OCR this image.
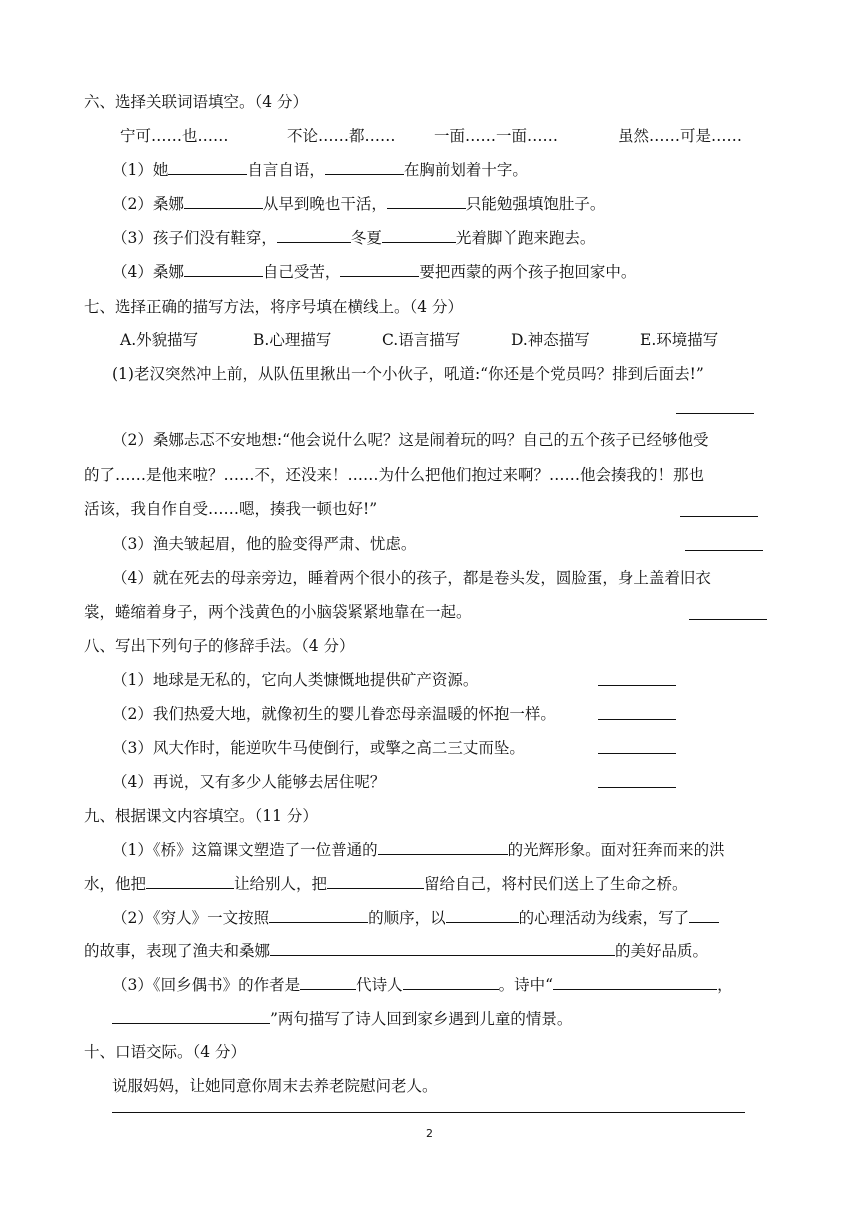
六、选择关联词语填空。（4 分）
宁可……也……	不论……都…… 一面……一面……	虽然……可是……
（1）她	自言自语，	在胸前划着十字。
（2）桑娜	从早到晚也干活，	只能勉强填饱肚子。
（3）孩子们没有鞋穿，	冬夏	光着脚丫跑来跑去。
（4）桑娜	自己受苦，	要把西蒙的两个孩子抱回家中。
七、选择正确的描写方法，将序号填在横线上。（4 分）
A.外貌描写	B.心理描写	C.语言描写	D.神态描写	E.环境描写
(1)老汉突然冲上前，从队伍里揪出一个小伙子，吼道:“你还是个党员吗？排到后面去!”
（2）桑娜忐忑不安地想:“他会说什么呢？这是闹着玩的吗？自己的五个孩子已经够他受
的了……是他来啦？……不，还没来！……为什么把他们抱过来啊？……他会揍我的！那也
活该，我自作自受……嗯，揍我一顿也好!”
（3）渔夫皱起眉，他的脸变得严肃、忧虑。
（4）就在死去的母亲旁边，睡着两个很小的孩子，都是卷头发，圆脸蛋，身上盖着旧衣
裳，蜷缩着身子，两个浅黄色的小脑袋紧紧地靠在一起。
八、写出下列句子的修辞手法。（4 分）
（1）地球是无私的，它向人类慷慨地提供矿产资源。
（2）我们热爱大地，就像初生的婴儿眷恋母亲温暖的怀抱一样。
（3）风大作时，能逆吹牛马使倒行，或擎之高二三丈而坠。
（4）再说，又有多少人能够去居住呢？
九、根据课文内容填空。（11 分）
（1）《桥》这篇课文塑造了一位普通的	的光辉形象。面对狂奔而来的洪
水，他把	让给别人，把	留给自己，将村民们送上了生命之桥。
（2）《穷人》一文按照	的顺序，以	的心理活动为线索，写了
的故事，表现了渔夫和桑娜	的美好品质。
（3）《回乡偶书》的作者是	代诗人	。诗中“	，
”两句描写了诗人回到家乡遇到儿童的情景。
十、口语交际。（4 分）
说服妈妈，让她同意你周末去养老院慰问老人。
2
